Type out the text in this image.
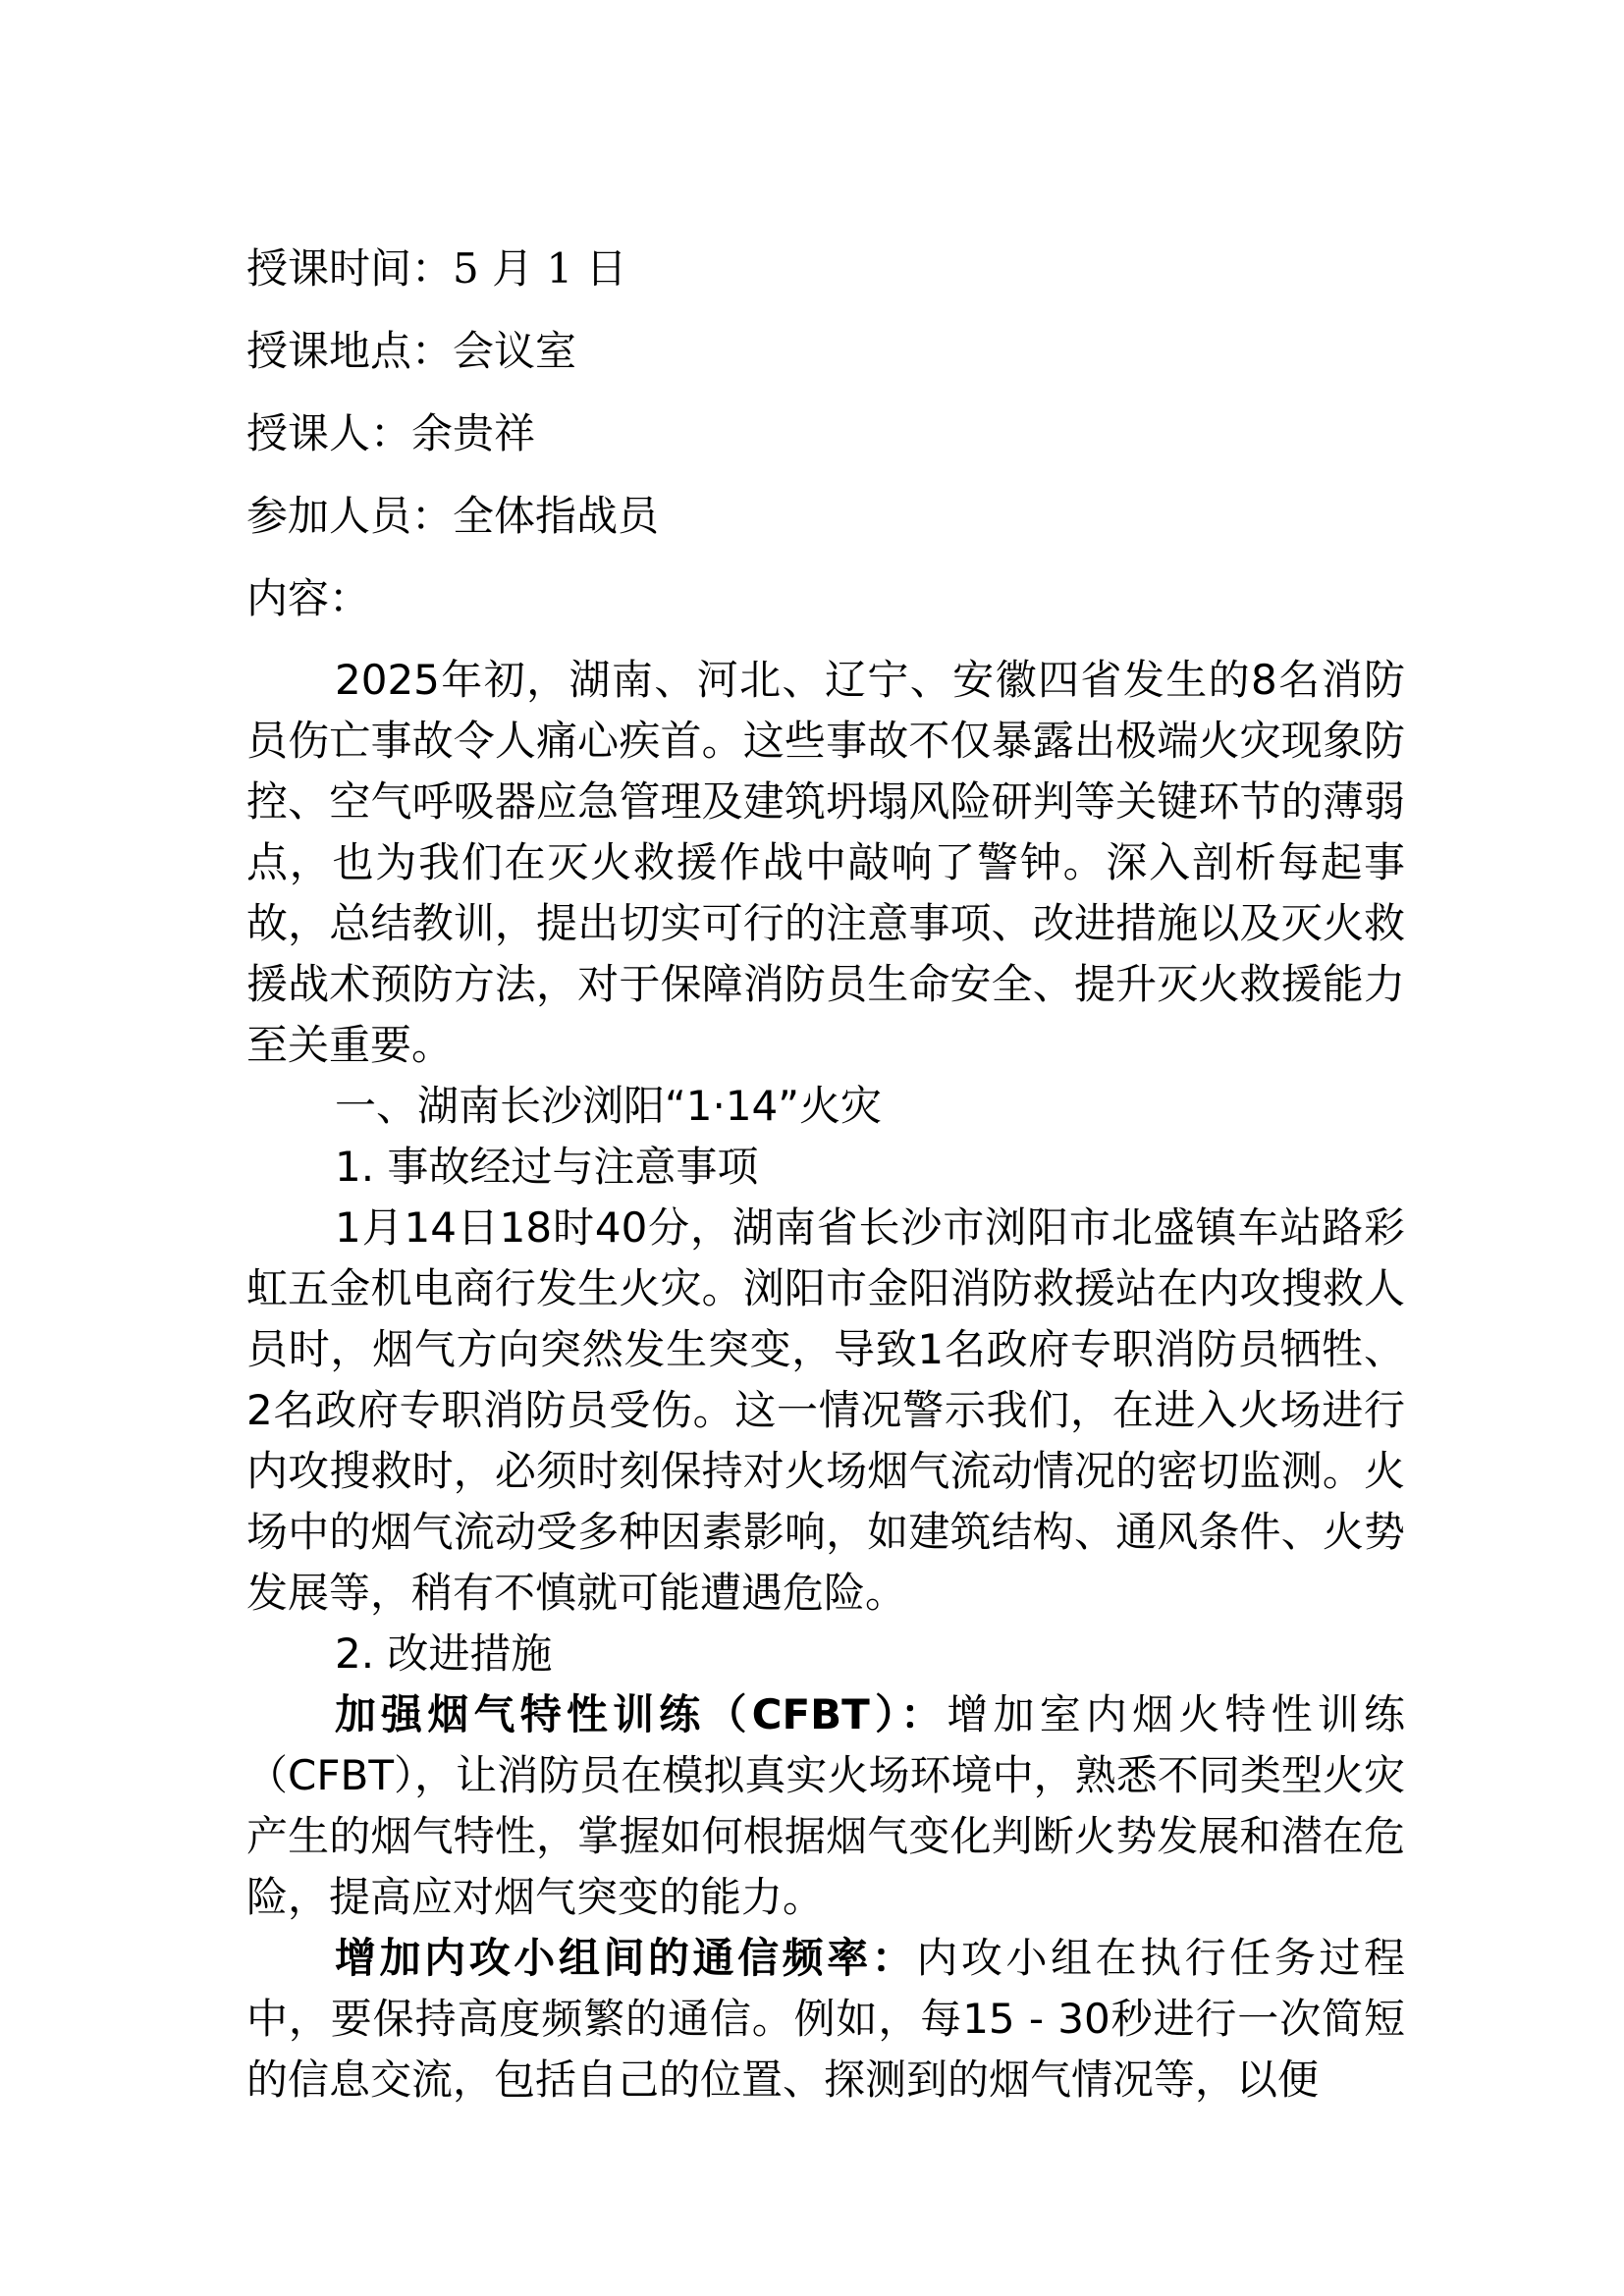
授课时间：5 月 1 日
授课地点：会议室
授课人：余贵祥
参加人员：全体指战员
内容：

2025年初，湖南、河北、辽宁、安徽四省发生的8名消防员伤亡事故令人痛心疾首。这些事故不仅暴露出极端火灾现象防控、空气呼吸器应急管理及建筑坍塌风险研判等关键环节的薄弱点，也为我们在灭火救援作战中敲响了警钟。深入剖析每起事故，总结教训，提出切实可行的注意事项、改进措施以及灭火救援战术预防方法，对于保障消防员生命安全、提升灭火救援能力至关重要。

一、湖南长沙浏阳“1·14”火灾

1. 事故经过与注意事项

1月14日18时40分，湖南省长沙市浏阳市北盛镇车站路彩虹五金机电商行发生火灾。浏阳市金阳消防救援站在内攻搜救人员时，烟气方向突然发生突变，导致1名政府专职消防员牺牲、2名政府专职消防员受伤。这一情况警示我们，在进入火场进行内攻搜救时，必须时刻保持对火场烟气流动情况的密切监测。火场中的烟气流动受多种因素影响，如建筑结构、通风条件、火势发展等，稍有不慎就可能遭遇危险。

2. 改进措施

加强烟气特性训练（CFBT）：增加室内烟火特性训练（CFBT），让消防员在模拟真实火场环境中，熟悉不同类型火灾产生的烟气特性，掌握如何根据烟气变化判断火势发展和潜在危险，提高应对烟气突变的能力。

增加内攻小组间的通信频率：内攻小组在执行任务过程中，要保持高度频繁的通信。例如，每15 - 30秒进行一次简短的信息交流，包括自己的位置、探测到的烟气情况等，以便
